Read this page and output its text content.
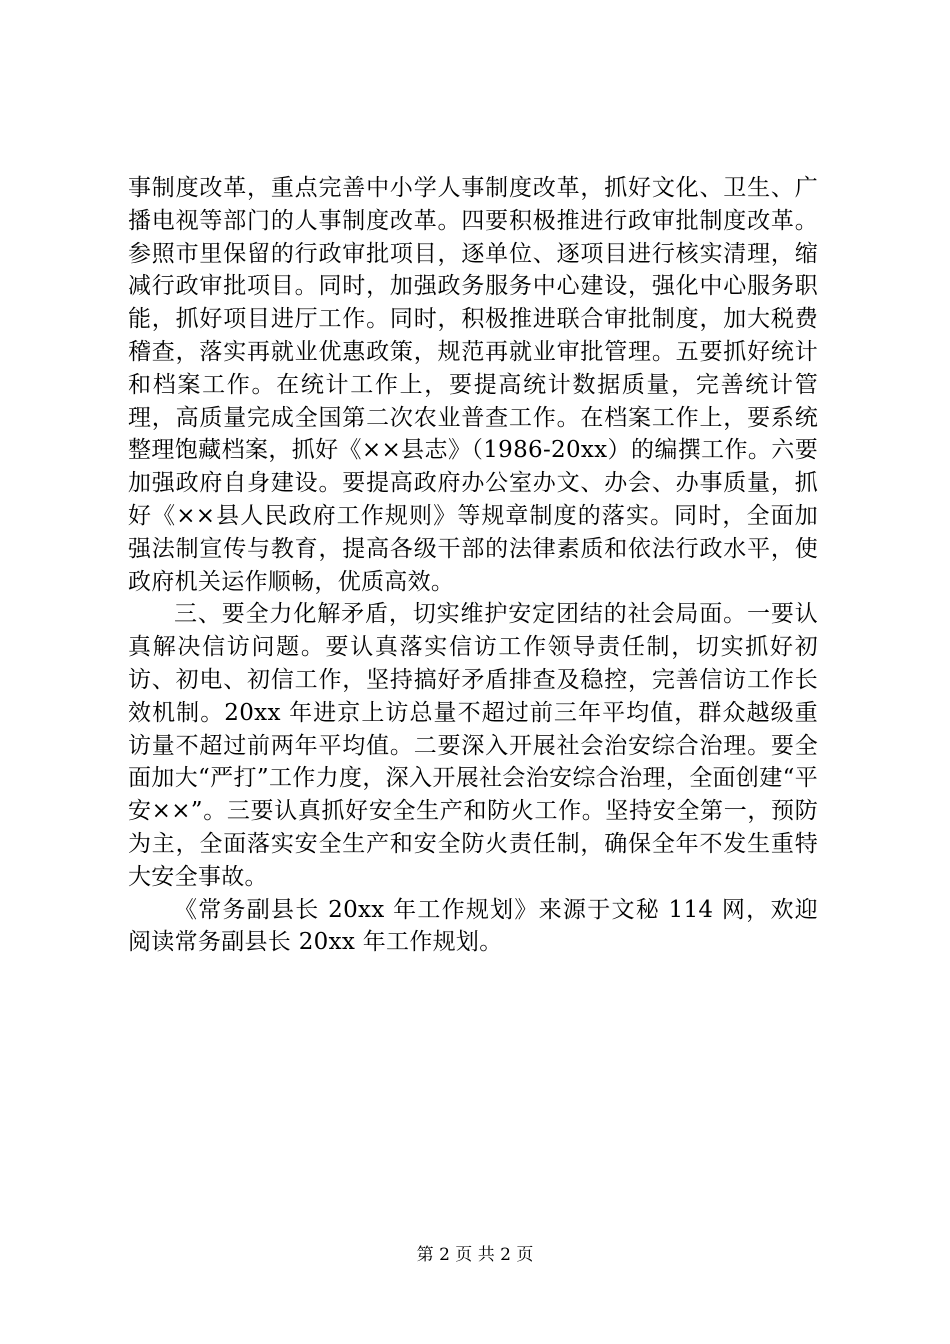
事制度改革，重点完善中小学人事制度改革，抓好文化、卫生、广播电视等部门的人事制度改革。四要积极推进行政审批制度改革。参照市里保留的行政审批项目，逐单位、逐项目进行核实清理，缩减行政审批项目。同时，加强政务服务中心建设，强化中心服务职能，抓好项目进厅工作。同时，积极推进联合审批制度，加大税费稽查，落实再就业优惠政策，规范再就业审批管理。五要抓好统计和档案工作。在统计工作上，要提高统计数据质量，完善统计管理，高质量完成全国第二次农业普查工作。在档案工作上，要系统整理饱藏档案，抓好《××县志》（1986-20xx）的编撰工作。六要加强政府自身建设。要提高政府办公室办文、办会、办事质量，抓好《××县人民政府工作规则》等规章制度的落实。同时，全面加强法制宣传与教育，提高各级干部的法律素质和依法行政水平，使政府机关运作顺畅，优质高效。

三、要全力化解矛盾，切实维护安定团结的社会局面。一要认真解决信访问题。要认真落实信访工作领导责任制，切实抓好初访、初电、初信工作，坚持搞好矛盾排查及稳控，完善信访工作长效机制。20xx 年进京上访总量不超过前三年平均值，群众越级重访量不超过前两年平均值。二要深入开展社会治安综合治理。要全面加大“严打”工作力度，深入开展社会治安综合治理，全面创建“平安××”。三要认真抓好安全生产和防火工作。坚持安全第一，预防为主，全面落实安全生产和安全防火责任制，确保全年不发生重特大安全事故。

《常务副县长 20xx 年工作规划》来源于文秘 114 网，欢迎阅读常务副县长 20xx 年工作规划。

第 2 页 共 2 页
